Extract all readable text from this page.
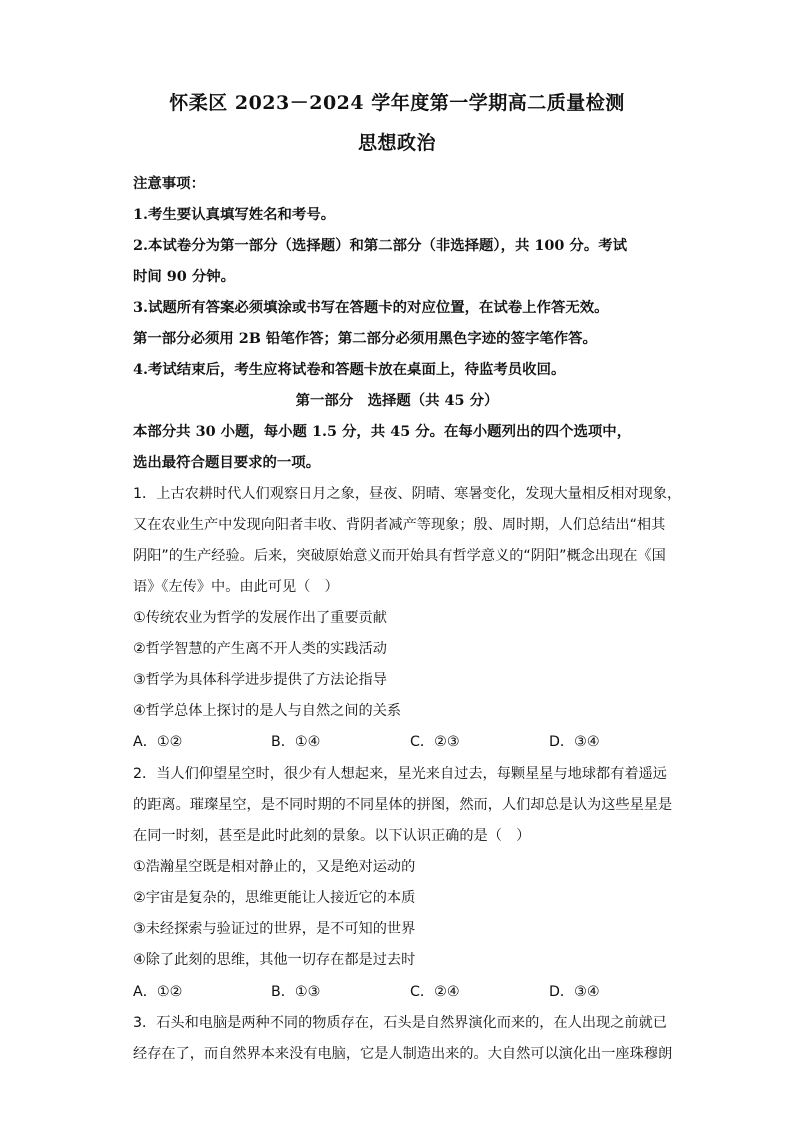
怀柔区 2023－2024 学年度第一学期高二质量检测
思想政治
注意事项：
1.考生要认真填写姓名和考号。
2.本试卷分为第一部分（选择题）和第二部分（非选择题），共 100 分。考试
时间 90 分钟。
3.试题所有答案必须填涂或书写在答题卡的对应位置，在试卷上作答无效。
第一部分必须用 2B 铅笔作答；第二部分必须用黑色字迹的签字笔作答。
4.考试结束后，考生应将试卷和答题卡放在桌面上，待监考员收回。
第一部分　选择题（共 45 分）
本部分共 30 小题，每小题 1.5 分，共 45 分。在每小题列出的四个选项中，
选出最符合题目要求的一项。
1．上古农耕时代人们观察日月之象，昼夜、阴晴、寒暑变化，发现大量相反相对现象，
又在农业生产中发现向阳者丰收、背阴者减产等现象；殷、周时期，人们总结出“相其
阴阳”的生产经验。后来，突破原始意义而开始具有哲学意义的“阴阳”概念出现在《国
语》《左传》中。由此可见（　）
①传统农业为哲学的发展作出了重要贡献
②哲学智慧的产生离不开人类的实践活动
③哲学为具体科学进步提供了方法论指导
④哲学总体上探讨的是人与自然之间的关系
A．①②	B．①④	C．②③	D．③④
2．当人们仰望星空时，很少有人想起来，星光来自过去，每颗星星与地球都有着遥远
的距离。璀璨星空，是不同时期的不同星体的拼图，然而，人们却总是认为这些星星是
在同一时刻，甚至是此时此刻的景象。以下认识正确的是（　）
①浩瀚星空既是相对静止的，又是绝对运动的
②宇宙是复杂的，思维更能让人接近它的本质
③未经探索与验证过的世界，是不可知的世界
④除了此刻的思维，其他一切存在都是过去时
A．①②	B．①③	C．②④	D．③④
3．石头和电脑是两种不同的物质存在，石头是自然界演化而来的，在人出现之前就已
经存在了，而自然界本来没有电脑，它是人制造出来的。大自然可以演化出一座珠穆朗
